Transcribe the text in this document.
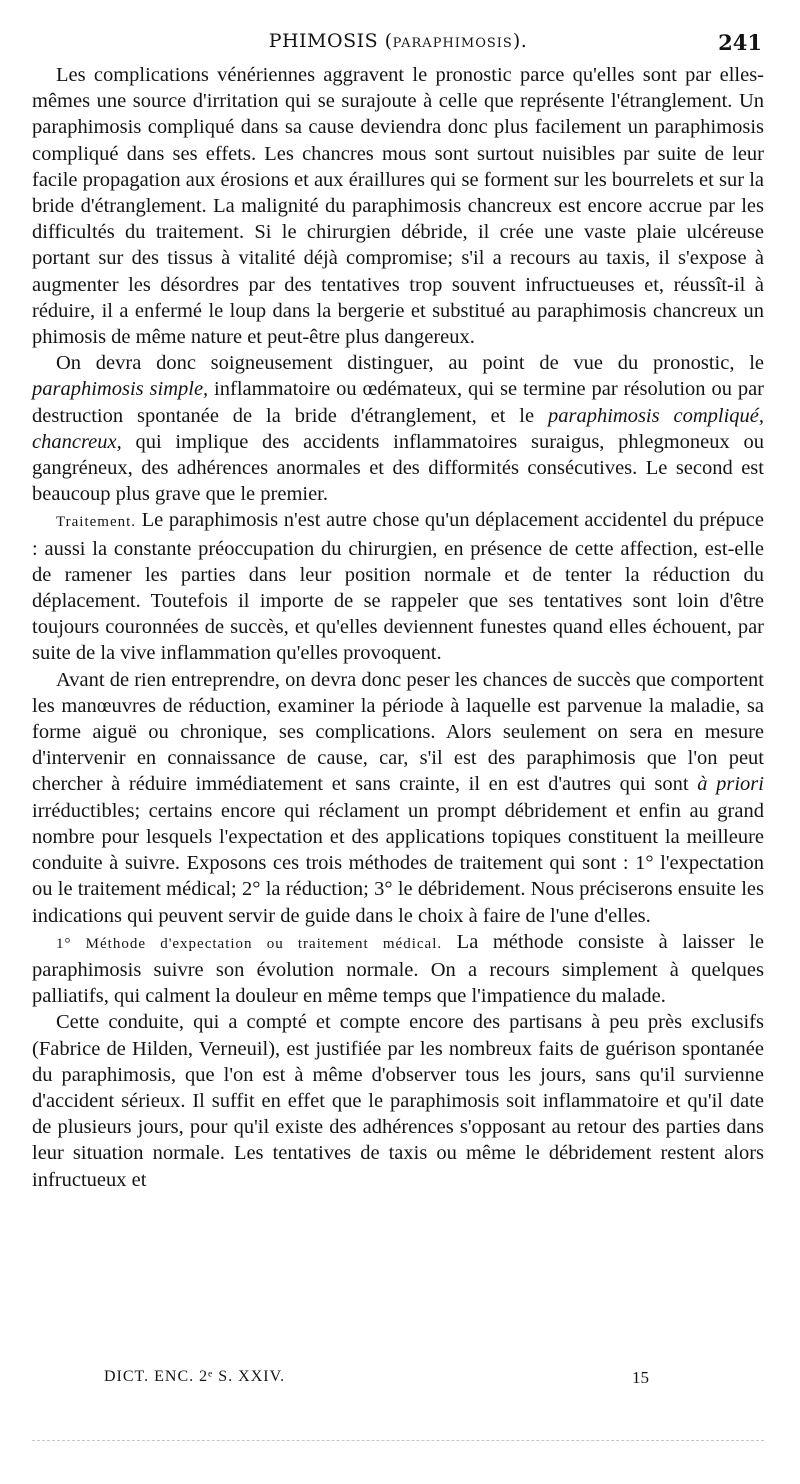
PHIMOSIS (PARAPHIMOSIS).	241

Les complications vénériennes aggravent le pronostic parce qu'elles sont par elles-mêmes une source d'irritation qui se surajoute à celle que représente l'étranglement. Un paraphimosis compliqué dans sa cause deviendra donc plus facilement un paraphimosis compliqué dans ses effets. Les chancres mous sont surtout nuisibles par suite de leur facile propagation aux érosions et aux éraillures qui se forment sur les bourrelets et sur la bride d'étranglement. La malignité du paraphimosis chancreux est encore accrue par les difficultés du traitement. Si le chirurgien débride, il crée une vaste plaie ulcéreuse portant sur des tissus à vitalité déjà compromise; s'il a recours au taxis, il s'expose à augmenter les désordres par des tentatives trop souvent infructueuses et, réussît-il à réduire, il a enfermé le loup dans la bergerie et substitué au paraphimosis chancreux un phimosis de même nature et peut-être plus dangereux.

On devra donc soigneusement distinguer, au point de vue du pronostic, le paraphimosis simple, inflammatoire ou œdémateux, qui se termine par résolution ou par destruction spontanée de la bride d'étranglement, et le paraphimosis compliqué, chancreux, qui implique des accidents inflammatoires suraigus, phlegmoneux ou gangréneux, des adhérences anormales et des difformités consécutives. Le second est beaucoup plus grave que le premier.

Traitement. Le paraphimosis n'est autre chose qu'un déplacement accidentel du prépuce : aussi la constante préoccupation du chirurgien, en présence de cette affection, est-elle de ramener les parties dans leur position normale et de tenter la réduction du déplacement. Toutefois il importe de se rappeler que ses tentatives sont loin d'être toujours couronnées de succès, et qu'elles deviennent funestes quand elles échouent, par suite de la vive inflammation qu'elles provoquent.

Avant de rien entreprendre, on devra donc peser les chances de succès que comportent les manœuvres de réduction, examiner la période à laquelle est parvenue la maladie, sa forme aiguë ou chronique, ses complications. Alors seulement on sera en mesure d'intervenir en connaissance de cause, car, s'il est des paraphimosis que l'on peut chercher à réduire immédiatement et sans crainte, il en est d'autres qui sont à priori irréductibles; certains encore qui réclament un prompt débridement et enfin au grand nombre pour lesquels l'expectation et des applications topiques constituent la meilleure conduite à suivre. Exposons ces trois méthodes de traitement qui sont : 1° l'expectation ou le traitement médical; 2° la réduction; 3° le débridement. Nous préciserons ensuite les indications qui peuvent servir de guide dans le choix à faire de l'une d'elles.

1° Méthode d'expectation ou traitement médical. La méthode consiste à laisser le paraphimosis suivre son évolution normale. On a recours simplement à quelques palliatifs, qui calment la douleur en même temps que l'impatience du malade.

Cette conduite, qui a compté et compte encore des partisans à peu près exclusifs (Fabrice de Hilden, Verneuil), est justifiée par les nombreux faits de guérison spontanée du paraphimosis, que l'on est à même d'observer tous les jours, sans qu'il survienne d'accident sérieux. Il suffit en effet que le paraphimosis soit inflammatoire et qu'il date de plusieurs jours, pour qu'il existe des adhérences s'opposant au retour des parties dans leur situation normale. Les tentatives de taxis ou même le débridement restent alors infructueux et

DICT. ENC. 2ᵉ S. XXIV.	15
